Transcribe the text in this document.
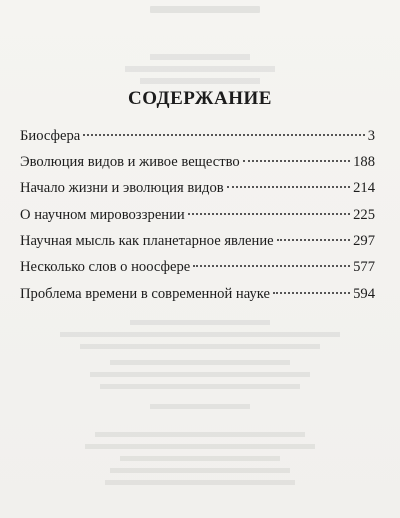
СОДЕРЖАНИЕ
Биосфера	3
Эволюция видов и живое вещество	188
Начало жизни и эволюция видов	214
О научном мировоззрении	225
Научная мысль как планетарное явление	297
Несколько слов о ноосфере	577
Проблема времени в современной науке	594
